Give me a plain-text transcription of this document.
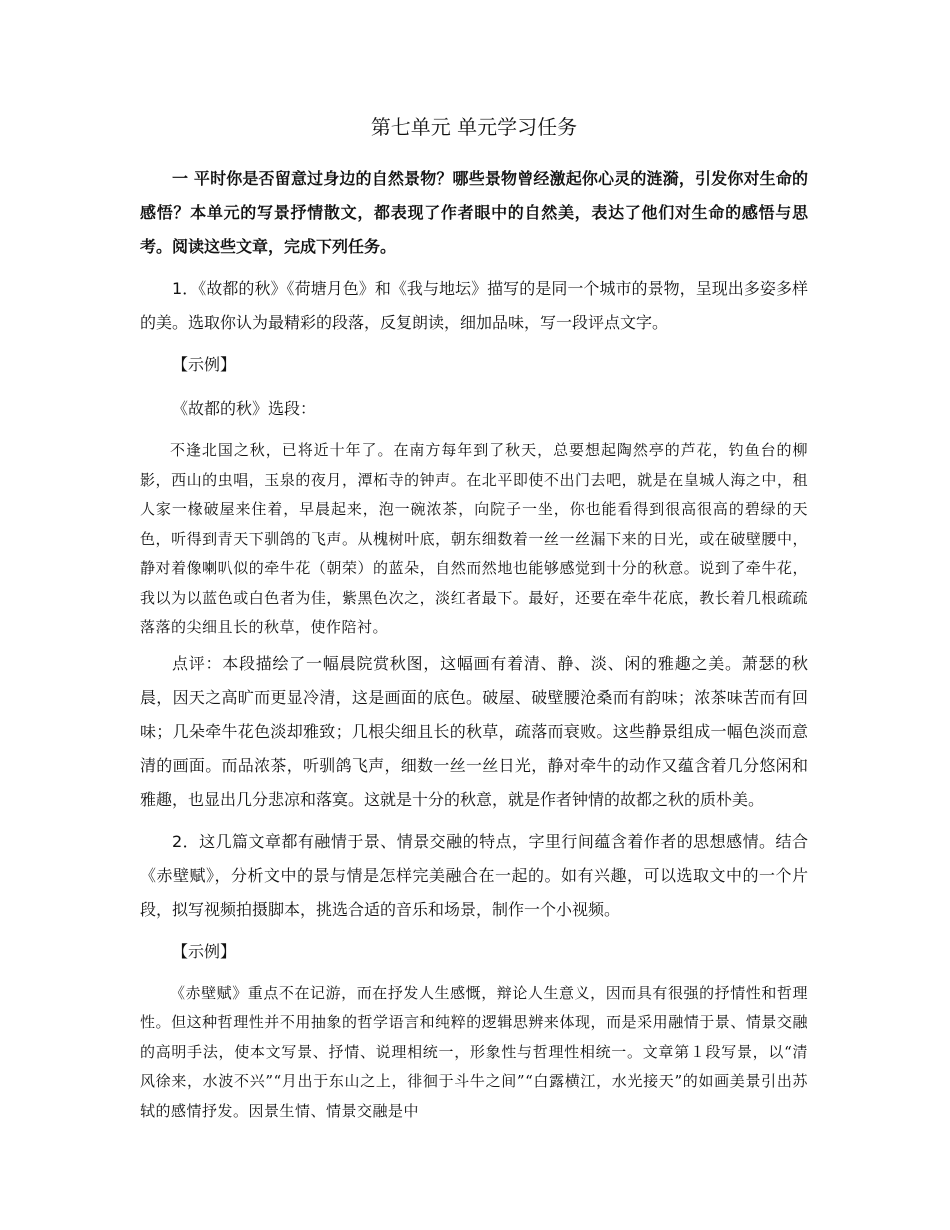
第七单元 单元学习任务

一 平时你是否留意过身边的自然景物？哪些景物曾经激起你心灵的涟漪，引发你对生命的感悟？本单元的写景抒情散文，都表现了作者眼中的自然美，表达了他们对生命的感悟与思考。阅读这些文章，完成下列任务。

1．《故都的秋》《荷塘月色》和《我与地坛》描写的是同一个城市的景物，呈现出多姿多样的美。选取你认为最精彩的段落，反复朗读，细加品味，写一段评点文字。

【示例】
《故都的秋》选段：

不逢北国之秋，已将近十年了。在南方每年到了秋天，总要想起陶然亭的芦花，钓鱼台的柳影，西山的虫唱，玉泉的夜月，潭柘寺的钟声。在北平即使不出门去吧，就是在皇城人海之中，租人家一椽破屋来住着，早晨起来，泡一碗浓茶，向院子一坐，你也能看得到很高很高的碧绿的天色，听得到青天下驯鸽的飞声。从槐树叶底，朝东细数着一丝一丝漏下来的日光，或在破壁腰中，静对着像喇叭似的牵牛花（朝荣）的蓝朵，自然而然地也能够感觉到十分的秋意。说到了牵牛花，我以为以蓝色或白色者为佳，紫黑色次之，淡红者最下。最好，还要在牵牛花底，教长着几根疏疏落落的尖细且长的秋草，使作陪衬。

点评：本段描绘了一幅晨院赏秋图，这幅画有着清、静、淡、闲的雅趣之美。萧瑟的秋晨，因天之高旷而更显冷清，这是画面的底色。破屋、破壁腰沧桑而有韵味；浓茶味苦而有回味；几朵牵牛花色淡却雅致；几根尖细且长的秋草，疏落而衰败。这些静景组成一幅色淡而意清的画面。而品浓茶，听驯鸽飞声，细数一丝一丝日光，静对牵牛的动作又蕴含着几分悠闲和雅趣，也显出几分悲凉和落寞。这就是十分的秋意，就是作者钟情的故都之秋的质朴美。

2．这几篇文章都有融情于景、情景交融的特点，字里行间蕴含着作者的思想感情。结合《赤壁赋》，分析文中的景与情是怎样完美融合在一起的。如有兴趣，可以选取文中的一个片段，拟写视频拍摄脚本，挑选合适的音乐和场景，制作一个小视频。

【示例】

《赤壁赋》重点不在记游，而在抒发人生感慨，辩论人生意义，因而具有很强的抒情性和哲理性。但这种哲理性并不用抽象的哲学语言和纯粹的逻辑思辨来体现，而是采用融情于景、情景交融的高明手法，使本文写景、抒情、说理相统一，形象性与哲理性相统一。文章第１段写景，以“清风徐来，水波不兴”“月出于东山之上，徘徊于斗牛之间”“白露横江，水光接天”的如画美景引出苏轼的感情抒发。因景生情、情景交融是中
